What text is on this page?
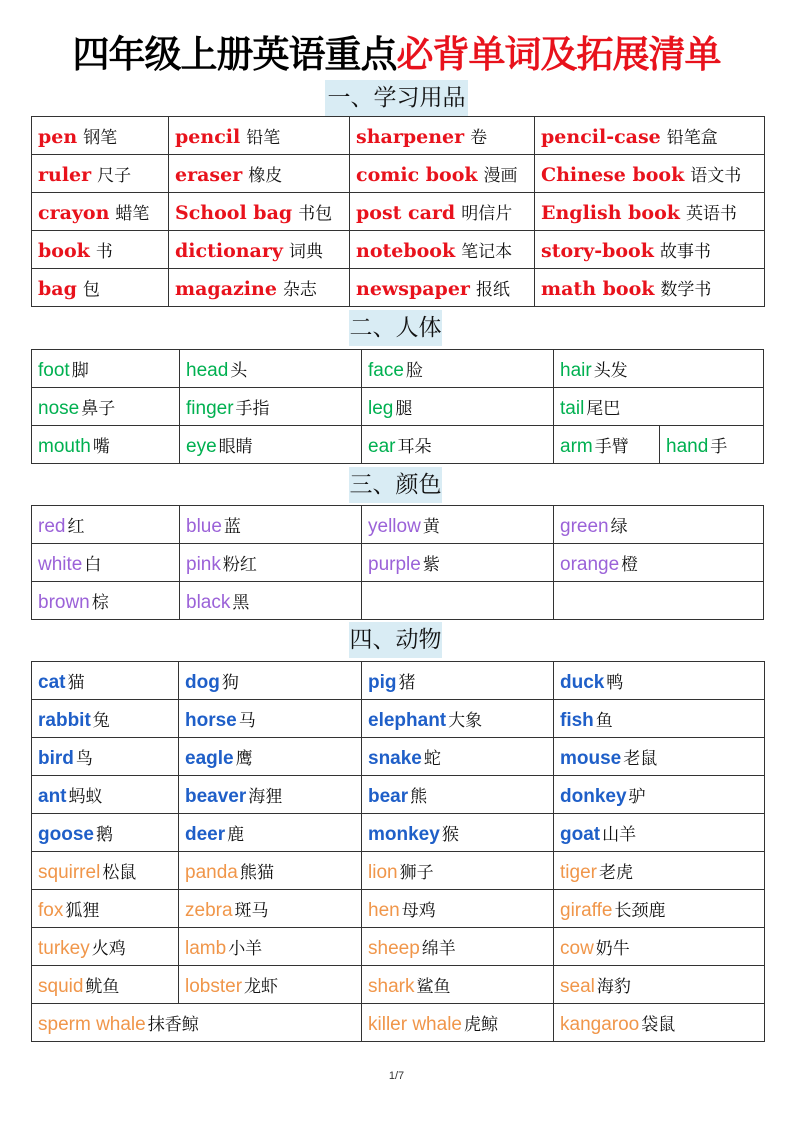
四年级上册英语重点必背单词及拓展清单
一、学习用品
pen 钢笔	pencil 铅笔	sharpener 卷	pencil-case 铅笔盒
ruler 尺子	eraser 橡皮	comic book 漫画	Chinese book 语文书
crayon 蜡笔	School bag 书包	post card 明信片	English book 英语书
book 书	dictionary 词典	notebook 笔记本	story-book 故事书
bag 包	magazine 杂志	newspaper 报纸	math book 数学书
二、人体
foot 脚	head 头	face 脸	hair 头发	
nose 鼻子	finger 手指	leg 腿	tail 尾巴	
mouth 嘴	eye 眼睛	ear 耳朵	arm 手臂	hand 手
三、颜色
red 红	blue 蓝	yellow 黄	green 绿
white 白	pink 粉红	purple 紫	orange 橙
brown 棕	black 黑		
四、动物
cat 猫	dog 狗	pig 猪	duck 鸭
rabbit 兔	horse 马	elephant 大象	fish 鱼
bird 鸟	eagle 鹰	snake 蛇	mouse 老鼠
ant 蚂蚁	beaver 海狸	bear 熊	donkey 驴
goose 鹅	deer 鹿	monkey 猴	goat 山羊
squirrel 松鼠	panda 熊猫	lion 狮子	tiger 老虎
fox 狐狸	zebra 斑马	hen 母鸡	giraffe 长颈鹿
turkey 火鸡	lamb 小羊	sheep 绵羊	cow 奶牛
squid 鱿鱼	lobster 龙虾	shark 鲨鱼	seal 海豹
sperm whale 抹香鲸		killer whale 虎鲸	kangaroo 袋鼠
1/7
